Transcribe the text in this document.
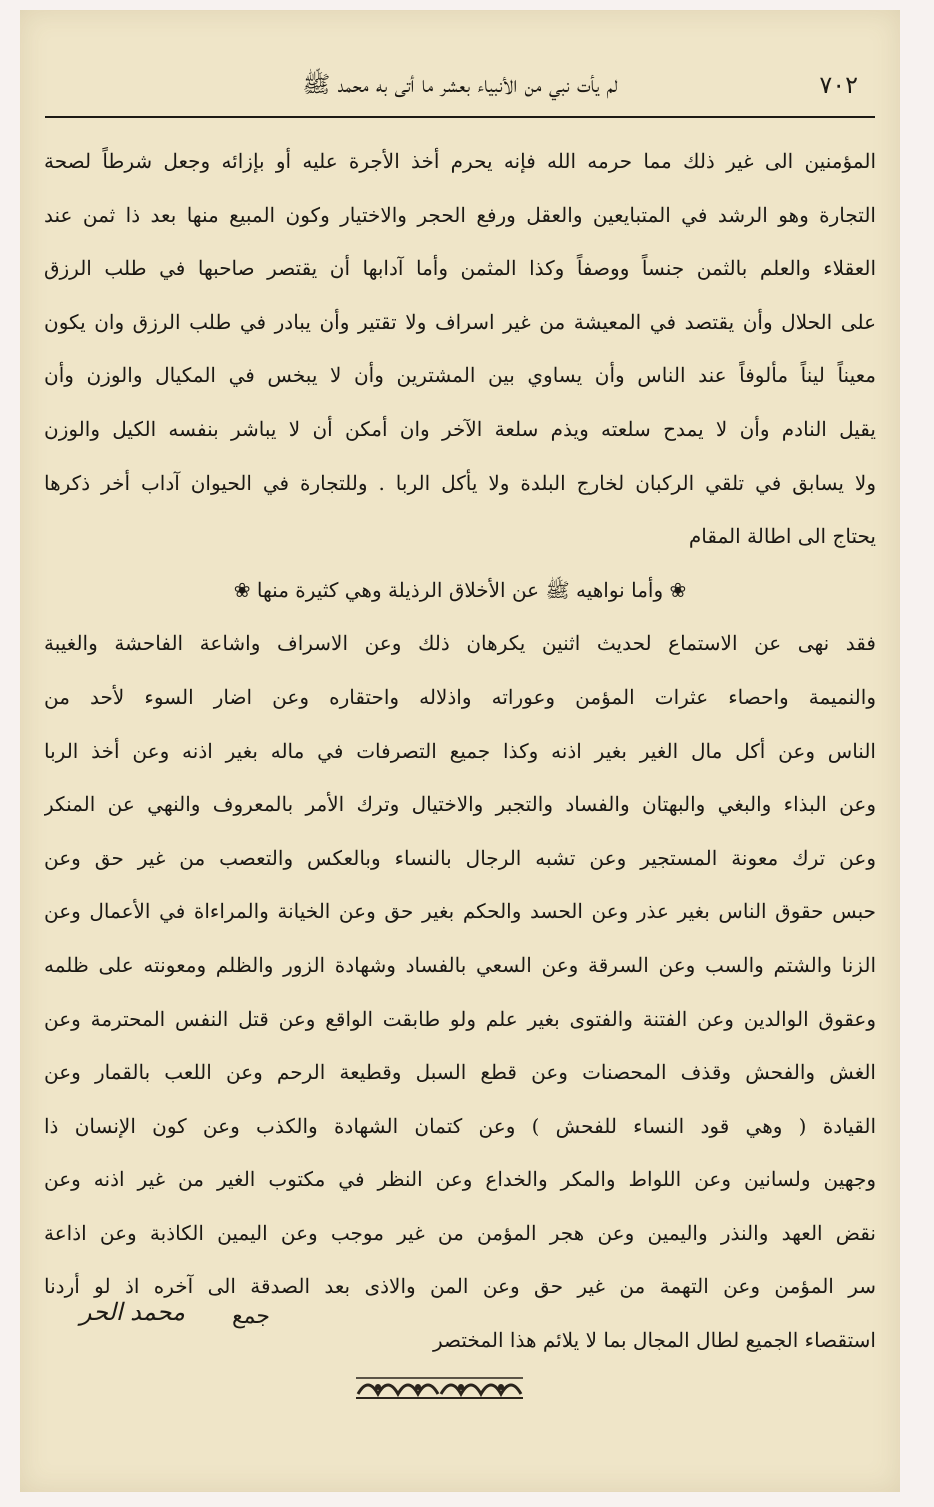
٧٠٢
لم يأت نبي من الأنبياء بعشر ما أتى به محمد ﷺ
المؤمنين الى غير ذلك مما حرمه الله فإنه يحرم أخذ الأجرة عليه أو بإزائه وجعل شرطاً لصحة
التجارة وهو الرشد في المتبايعين والعقل ورفع الحجر والاختيار وكون المبيع منها بعد ذا ثمن عند
العقلاء والعلم بالثمن جنساً ووصفاً وكذا المثمن وأما آدابها أن يقتصر صاحبها في طلب الرزق
على الحلال وأن يقتصد في المعيشة من غير اسراف ولا تقتير وأن يبادر في طلب الرزق وان يكون
معيناً ليناً مألوفاً عند الناس وأن يساوي بين المشترين وأن لا يبخس في المكيال والوزن وأن
يقيل النادم وأن لا يمدح سلعته ويذم سلعة الآخر وان أمكن أن لا يباشر بنفسه الكيل والوزن
ولا يسابق في تلقي الركبان لخارج البلدة ولا يأكل الربا . وللتجارة في الحيوان آداب أخر ذكرها
يحتاج الى اطالة المقام
❀ وأما نواهيه ﷺ عن الأخلاق الرذيلة وهي كثيرة منها ❀
فقد نهى عن الاستماع لحديث اثنين يكرهان ذلك وعن الاسراف واشاعة الفاحشة والغيبة
والنميمة واحصاء عثرات المؤمن وعوراته واذلاله واحتقاره وعن اضار السوء لأحد من
الناس وعن أكل مال الغير بغير اذنه وكذا جميع التصرفات في ماله بغير اذنه وعن أخذ الربا
وعن البذاء والبغي والبهتان والفساد والتجبر والاختيال وترك الأمر بالمعروف والنهي عن المنكر
وعن ترك معونة المستجير وعن تشبه الرجال بالنساء وبالعكس والتعصب من غير حق وعن
حبس حقوق الناس بغير عذر وعن الحسد والحكم بغير حق وعن الخيانة والمراءاة في الأعمال وعن
الزنا والشتم والسب وعن السرقة وعن السعي بالفساد وشهادة الزور والظلم ومعونته على ظلمه
وعقوق الوالدين وعن الفتنة والفتوى بغير علم ولو طابقت الواقع وعن قتل النفس المحترمة وعن
الغش والفحش وقذف المحصنات وعن قطع السبل وقطيعة الرحم وعن اللعب بالقمار وعن
القيادة ( وهي قود النساء للفحش ) وعن كتمان الشهادة والكذب وعن كون الإنسان ذا
وجهين ولسانين وعن اللواط والمكر والخداع وعن النظر في مكتوب الغير من غير اذنه وعن
نقض العهد والنذر واليمين وعن هجر المؤمن من غير موجب وعن اليمين الكاذبة وعن اذاعة
سر المؤمن وعن التهمة من غير حق وعن المن والاذى بعد الصدقة الى آخره اذ لو أردنا
استقصاء الجميع لطال المجال بما لا يلائم هذا المختصر
جمع
محمد الحر
